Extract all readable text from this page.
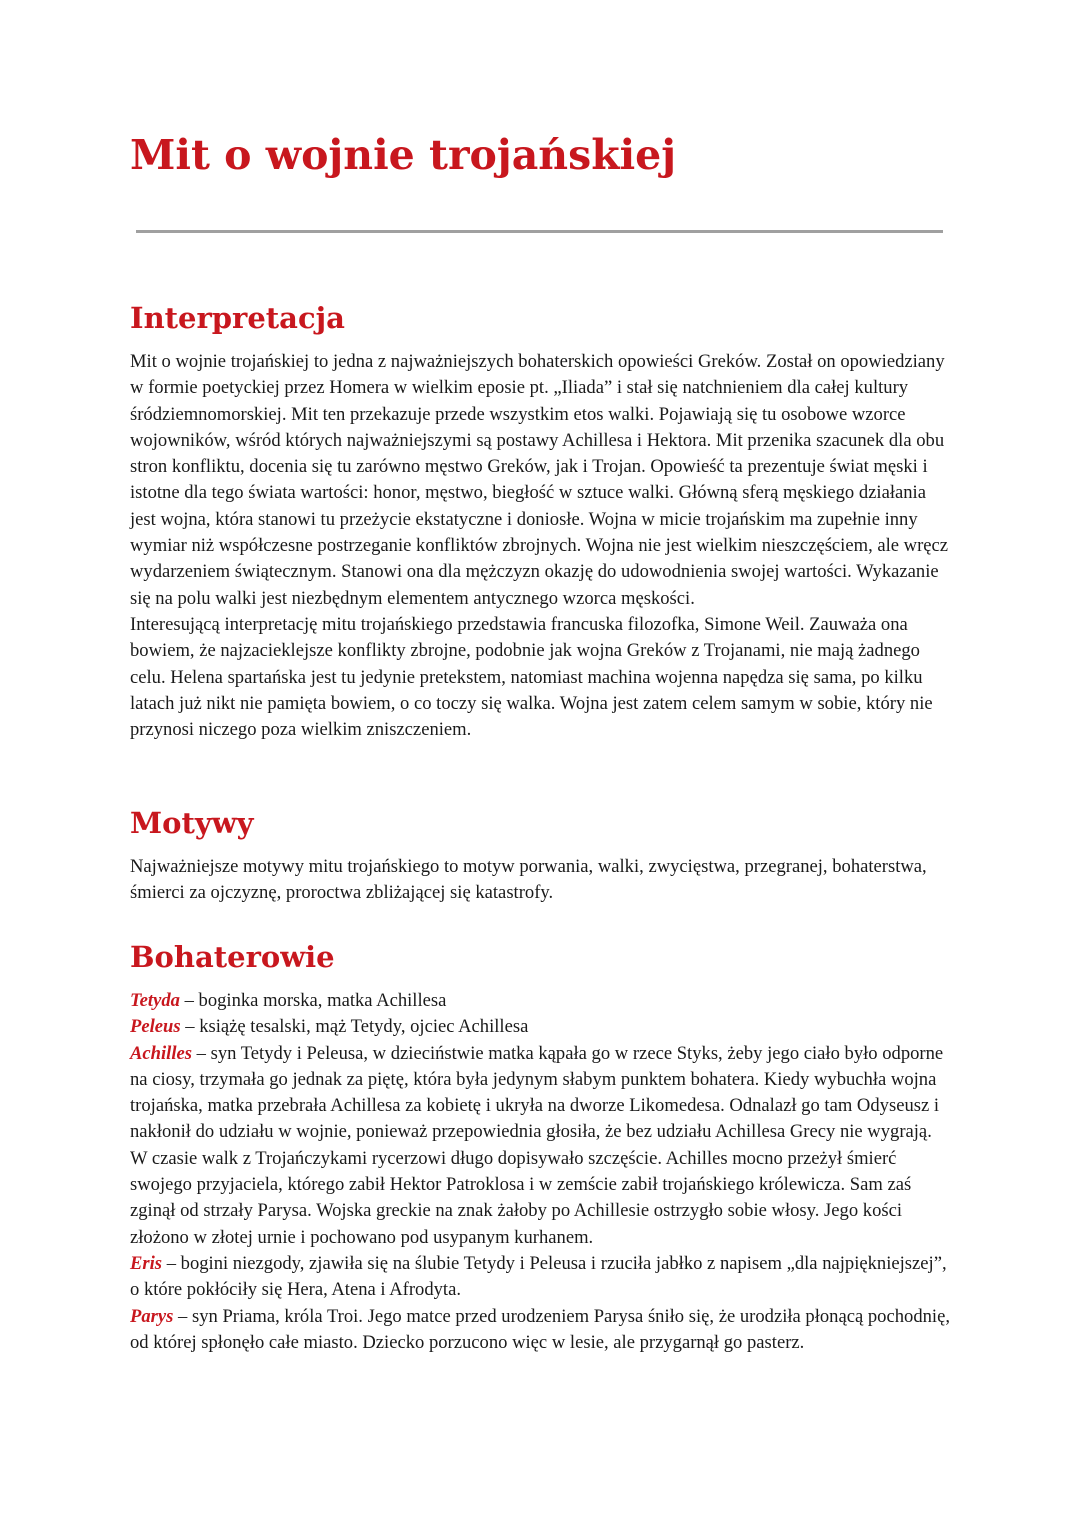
Mit o wojnie trojańskiej
Interpretacja

Mit o wojnie trojańskiej to jedna z najważniejszych bohaterskich opowieści Greków. Został on opowiedziany w formie poetyckiej przez Homera w wielkim eposie pt. „Iliada” i stał się natchnieniem dla całej kultury śródziemnomorskiej. Mit ten przekazuje przede wszystkim etos walki. Pojawiają się tu osobowe wzorce wojowników, wśród których najważniejszymi są postawy Achillesa i Hektora. Mit przenika szacunek dla obu stron konfliktu, docenia się tu zarówno męstwo Greków, jak i Trojan. Opowieść ta prezentuje świat męski i istotne dla tego świata wartości: honor, męstwo, biegłość w sztuce walki. Główną sferą męskiego działania jest wojna, która stanowi tu przeżycie ekstatyczne i doniosłe. Wojna w micie trojańskim ma zupełnie inny wymiar niż współczesne postrzeganie konfliktów zbrojnych. Wojna nie jest wielkim nieszczęściem, ale wręcz wydarzeniem świątecznym. Stanowi ona dla mężczyzn okazję do udowodnienia swojej wartości. Wykazanie się na polu walki jest niezbędnym elementem antycznego wzorca męskości.

Interesującą interpretację mitu trojańskiego przedstawia francuska filozofka, Simone Weil. Zauważa ona bowiem, że najzacieklejsze konflikty zbrojne, podobnie jak wojna Greków z Trojanami, nie mają żadnego celu. Helena spartańska jest tu jedynie pretekstem, natomiast machina wojenna napędza się sama, po kilku latach już nikt nie pamięta bowiem, o co toczy się walka. Wojna jest zatem celem samym w sobie, który nie przynosi niczego poza wielkim zniszczeniem.

Motywy

Najważniejsze motywy mitu trojańskiego to motyw porwania, walki, zwycięstwa, przegranej, bohaterstwa, śmierci za ojczyznę, proroctwa zbliżającej się katastrofy.

Bohaterowie

Tetyda – boginka morska, matka Achillesa

Peleus – książę tesalski, mąż Tetydy, ojciec Achillesa

Achilles – syn Tetydy i Peleusa, w dzieciństwie matka kąpała go w rzece Styks, żeby jego ciało było odporne na ciosy, trzymała go jednak za piętę, która była jedynym słabym punktem bohatera. Kiedy wybuchła wojna trojańska, matka przebrała Achillesa za kobietę i ukryła na dworze Likomedesa. Odnalazł go tam Odyseusz i nakłonił do udziału w wojnie, ponieważ przepowiednia głosiła, że bez udziału Achillesa Grecy nie wygrają. W czasie walk z Trojańczykami rycerzowi długo dopisywało szczęście. Achilles mocno przeżył śmierć swojego przyjaciela, którego zabił Hektor Patroklosa i w zemście zabił trojańskiego królewicza. Sam zaś zginął od strzały Parysa. Wojska greckie na znak żałoby po Achillesie ostrzygło sobie włosy. Jego kości złożono w złotej urnie i pochowano pod usypanym kurhanem.

Eris – bogini niezgody, zjawiła się na ślubie Tetydy i Peleusa i rzuciła jabłko z napisem „dla najpiękniejszej”, o które pokłóciły się Hera, Atena i Afrodyta.

Parys – syn Priama, króla Troi. Jego matce przed urodzeniem Parysa śniło się, że urodziła płonącą pochodnię, od której spłonęło całe miasto. Dziecko porzucono więc w lesie, ale przygarnął go pasterz.
